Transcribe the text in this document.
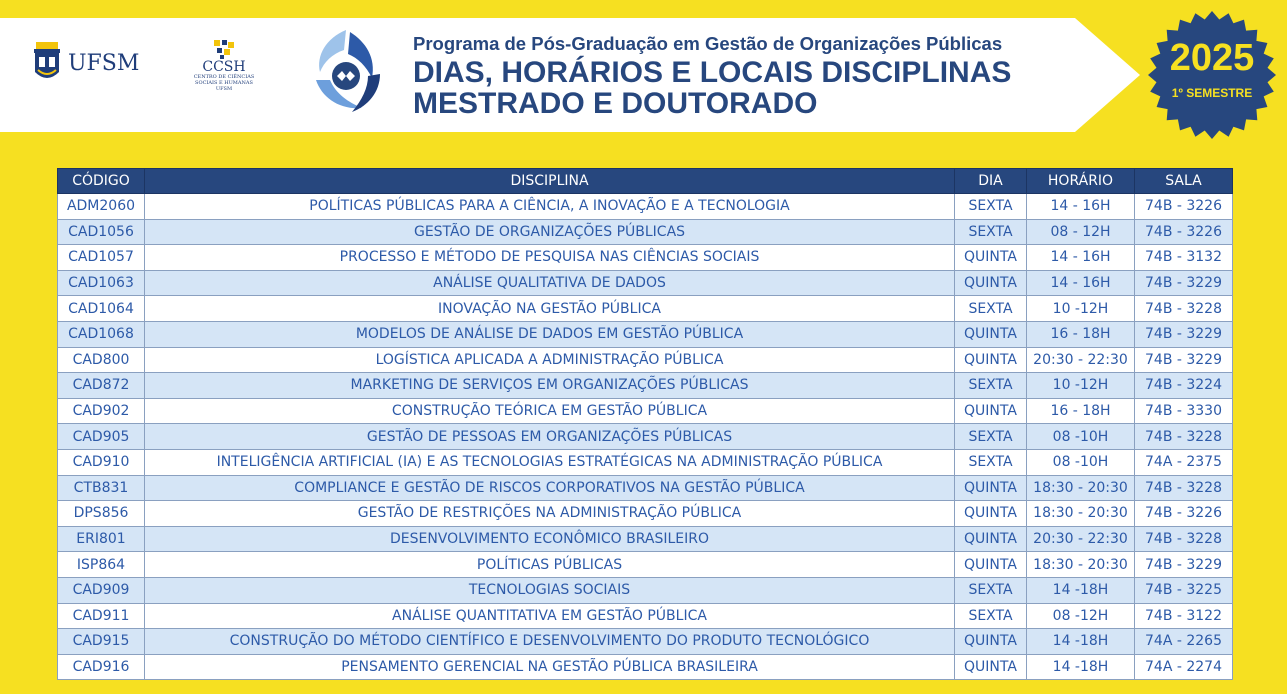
UFSM	CCSH
CENTRO DE CIÊNCIAS
SOCIAIS E HUMANAS
UFSM
Programa de Pós-Graduação em Gestão de Organizações Públicas
DIAS, HORÁRIOS E LOCAIS DISCIPLINAS
MESTRADO E DOUTORADO
2025
1º SEMESTRE
CÓDIGO	DISCIPLINA	DIA	HORÁRIO	SALA
ADM2060	POLÍTICAS PÚBLICAS PARA A CIÊNCIA, A INOVAÇÃO E A TECNOLOGIA	SEXTA	14 - 16H	74B - 3226
CAD1056	GESTÃO DE ORGANIZAÇÕES PÚBLICAS	SEXTA	08 - 12H	74B - 3226
CAD1057	PROCESSO E MÉTODO DE PESQUISA NAS CIÊNCIAS SOCIAIS	QUINTA	14 - 16H	74B - 3132
CAD1063	ANÁLISE QUALITATIVA DE DADOS	QUINTA	14 - 16H	74B - 3229
CAD1064	INOVAÇÃO NA GESTÃO PÚBLICA	SEXTA	10 -12H	74B - 3228
CAD1068	MODELOS DE ANÁLISE DE DADOS EM GESTÃO PÚBLICA	QUINTA	16 - 18H	74B - 3229
CAD800	LOGÍSTICA APLICADA A ADMINISTRAÇÃO PÚBLICA	QUINTA	20:30 - 22:30	74B - 3229
CAD872	MARKETING DE SERVIÇOS EM ORGANIZAÇÕES PÚBLICAS	SEXTA	10 -12H	74B - 3224
CAD902	CONSTRUÇÃO TEÓRICA EM GESTÃO PÚBLICA	QUINTA	16 - 18H	74B - 3330
CAD905	GESTÃO DE PESSOAS EM ORGANIZAÇÕES PÚBLICAS	SEXTA	08 -10H	74B - 3228
CAD910	INTELIGÊNCIA ARTIFICIAL (IA) E AS TECNOLOGIAS ESTRATÉGICAS NA ADMINISTRAÇÃO PÚBLICA	SEXTA	08 -10H	74A - 2375
CTB831	COMPLIANCE E GESTÃO DE RISCOS CORPORATIVOS NA GESTÃO PÚBLICA	QUINTA	18:30 - 20:30	74B - 3228
DPS856	GESTÃO DE RESTRIÇÕES NA ADMINISTRAÇÃO PÚBLICA	QUINTA	18:30 - 20:30	74B - 3226
ERI801	DESENVOLVIMENTO ECONÔMICO BRASILEIRO	QUINTA	20:30 - 22:30	74B - 3228
ISP864	POLÍTICAS PÚBLICAS	QUINTA	18:30 - 20:30	74B - 3229
CAD909	TECNOLOGIAS SOCIAIS	SEXTA	14 -18H	74B - 3225
CAD911	ANÁLISE QUANTITATIVA EM GESTÃO PÚBLICA	SEXTA	08 -12H	74B - 3122
CAD915	CONSTRUÇÃO DO MÉTODO CIENTÍFICO E DESENVOLVIMENTO DO PRODUTO TECNOLÓGICO	QUINTA	14 -18H	74A - 2265
CAD916	PENSAMENTO GERENCIAL NA GESTÃO PÚBLICA BRASILEIRA	QUINTA	14 -18H	74A - 2274
